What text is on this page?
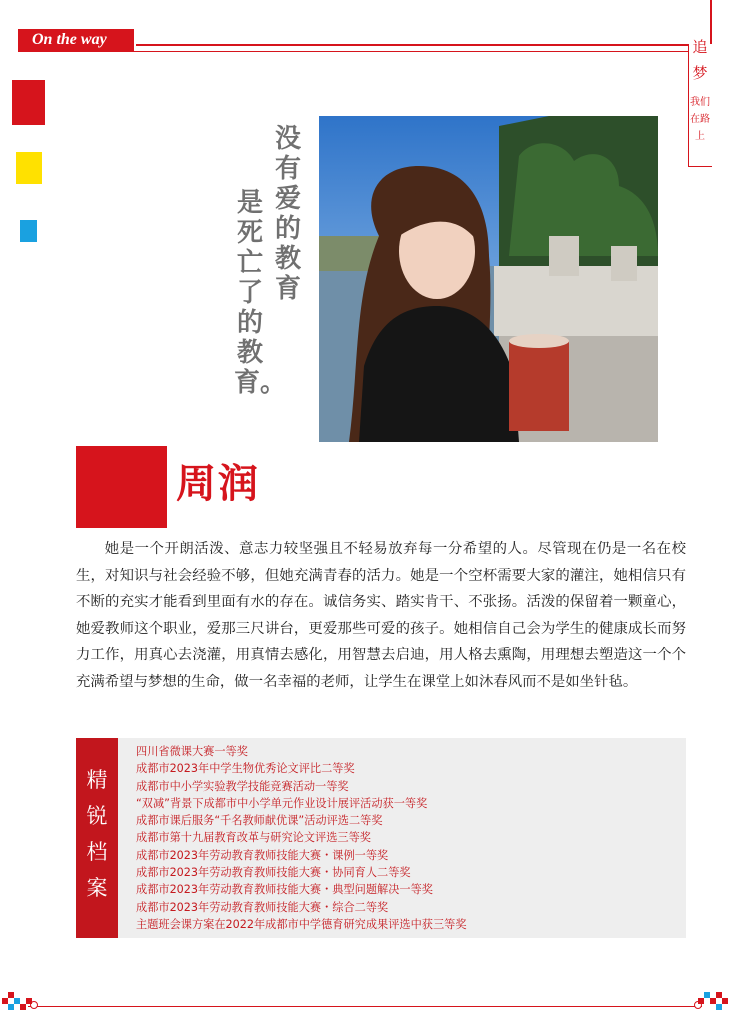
On the way	追梦
我们在路上
没有爱的教育
是死亡了的教育。
周润

她是一个开朗活泼、意志力较坚强且不轻易放弃每一分希望的人。尽管现在仍是一名在校生，对知识与社会经验不够，但她充满青春的活力。她是一个空杯需要大家的灌注，她相信只有不断的充实才能看到里面有水的存在。诚信务实、踏实肯干、不张扬。活泼的保留着一颗童心，她爱教师这个职业，爱那三尺讲台，更爱那些可爱的孩子。她相信自己会为学生的健康成长而努力工作，用真心去浇灌，用真情去感化，用智慧去启迪，用人格去熏陶，用理想去塑造这一个个充满希望与梦想的生命，做一名幸福的老师，让学生在课堂上如沐春风而不是如坐针毡。

精
锐
档
案
四川省微课大赛一等奖
成都市2023年中学生物优秀论文评比二等奖
成都市中小学实验教学技能竞赛活动一等奖
“双减”背景下成都市中小学单元作业设计展评活动获一等奖
成都市课后服务“千名教师献优课”活动评选二等奖
成都市第十九届教育改革与研究论文评选三等奖
成都市2023年劳动教育教师技能大赛・课例一等奖
成都市2023年劳动教育教师技能大赛・协同育人二等奖
成都市2023年劳动教育教师技能大赛・典型问题解决一等奖
成都市2023年劳动教育教师技能大赛・综合二等奖
主题班会课方案在2022年成都市中学德育研究成果评选中获三等奖
